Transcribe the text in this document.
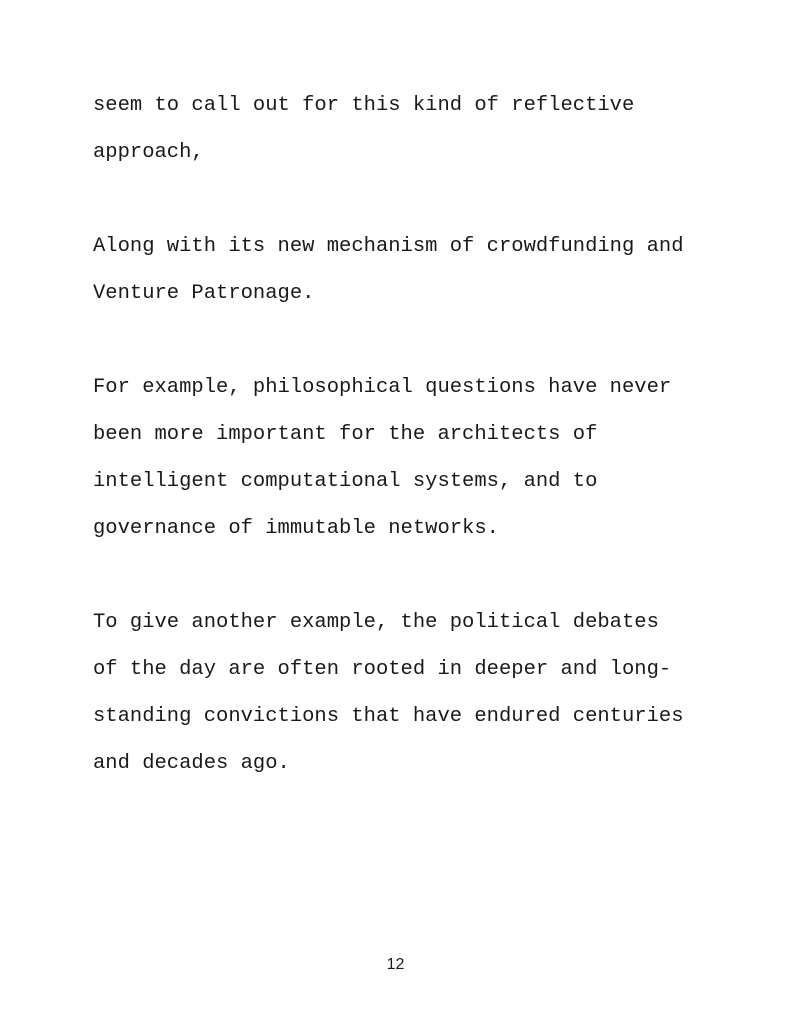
seem to call out for this kind of reflective
approach,
Along with its new mechanism of crowdfunding and
Venture Patronage.
For example, philosophical questions have never
been more important for the architects of
intelligent computational systems, and to
governance of immutable networks.
To give another example, the political debates
of the day are often rooted in deeper and long-
standing convictions that have endured centuries
and decades ago.
12
